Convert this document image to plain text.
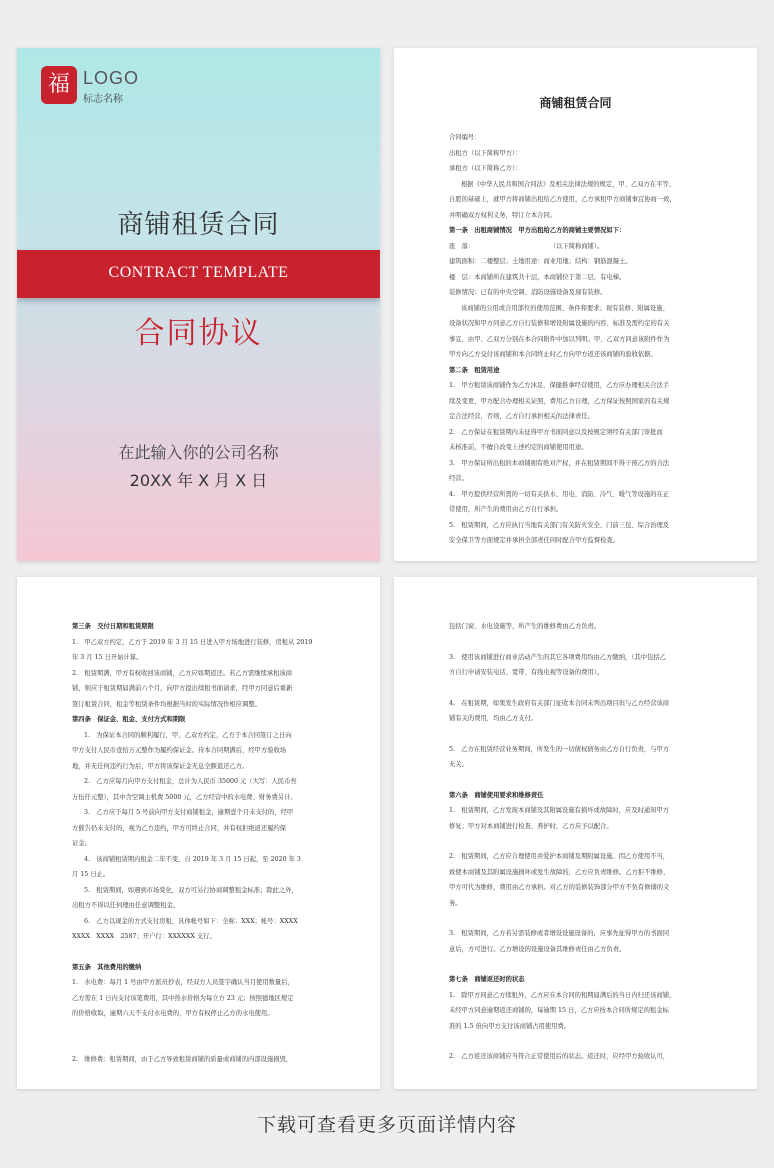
福 LOGO
标志名称
商铺租赁合同
CONTRACT TEMPLATE
合同协议
在此输入你的公司名称
20XX 年 X 月 X 日
商铺租赁合同

合同编号：

出租方（以下简称甲方）：

承租方（以下简称乙方）：

根据《中华人民共和国合同法》及相关法律法规的规定，甲、乙双方在平等、

自愿的基础上，就甲方将商铺出租给乙方使用，乙方承租甲方商铺事宜协商一致，

并明确双方权利义务，特订立本合同。

第一条　出租商铺情况　甲方出租给乙方的商铺主要情况如下：

座　落：　　　　　　　　　　　　　（以下简称商铺）。

建筑面积：二楼整层；土地用途：商业用地；结构：钢筋混凝土。

楼　层：本商铺所在建筑共十层，本商铺位于第二层，有电梯。

装修情况：已有的中央空调、消防设施设备及现有装修。

该商铺的公用或合用部位的使用范围、条件和要求；现有装修、附属设施、

设备状况和甲方同意乙方自行装修和增设附属设施的内容、标准及需约定的有关

事宜，由甲、乙双方分别在本合同附件中加以列明。甲、乙双方同意该附件作为

甲方向乙方交付该商铺和本合同终止时乙方向甲方返还该商铺的验收依据。

第二条　租赁用途

1.　甲方租赁该商铺作为乙方沐足、保健推拿经营使用，乙方应办理相关合法手

续及变更，甲方配合办理相关证照，费用乙方自理，乙方保证按照国家的有关规

定合法经营，否则，乙方自行承担相关的法律责任。

2.　乙方保证在租赁期内未征得甲方书面同意以及按规定须经有关部门审批而

未核准前，不擅自改变上述约定的商铺使用用途。

3.　甲方保证所出租的本商铺拥有绝对产权，并在租赁期间不得干预乙方的合法

经营。

4.　甲方提供经营所需的一切有关供水、用电、消防、冷气、暖气等设施的在正

常使用，所产生的费用由乙方自行承担。

5.　租赁期间，乙方应执行当地有关部门有关防火安全、门前三包、综合治理及

安全保卫等方面规定并承担全部责任同时配合甲方监督检查。

第三条　交付日期和租赁期限

1.　甲乙双方约定，乙方于 2019 年 3 月 15 日进入甲方场地进行装修，房租从 2019

年 3 月 15 日开始计算。

2.　租赁期满，甲方有权收回该商铺，乙方应如期返还。若乙方需继续承租该商

铺，则应于租赁期届满前六个月，向甲方提出续租书面请求，经甲方同意后重新

签订租赁合同，租金等租赁条件均根据当时的实际情况作相应调整。

第四条　保证金、租金、支付方式和期限

1.　为保证本合同的顺利履行，甲、乙双方约定，乙方于本合同签订之日向

甲方支付人民币壹拾万元整作为履约保证金。待本合同期满后，经甲方验收场

地，并无任何违约行为后，甲方将该保证金无息全额退还乙方。

2.　乙方应每月向甲方支付租金，总计为人民币 35000 元（大写：人民币叁

万伍仟元整），其中含空调主机费 5000 元，乙方经营中的水电费、财务费另计。

3.　乙方应于每月 5 号前向甲方支付商铺租金，逾期壹个月未支付的，经甲

方催告仍未支付的，视为乙方违约，甲方可终止合同，并有权拒绝返还履约保

证金。

4.　该商铺租赁期内租金二年不变，自 2019 年 3 月 15 日起，至 2020 年 3

月 15 日止。

5.　租赁期间，如遇到市场变化，双方可另行协商调整租金标准；除此之外，

出租方不得以任何理由任意调整租金。

6.　乙方以现金的方式支付房租，具体帐号如下：全称：XXX；帐号：XXXX

XXXX　XXXX　2587；开户行：XXXXXX 支行。

第五条　其他费用的缴纳

1.　水电费：每月 1 号由甲方派员抄表，经双方人员签字确认当月使用数量后，

乙方需在 1 日内支付该笔费用，其中热水价格为每立方 23 元；按照德地区规定

的价格收取，逾期六天不支付水电费的，甲方有权停止乙方的水电使用。

2.　维修费：租赁期间，由于乙方导致租赁商铺的质量或商铺的内部设施损毁，

包括门窗、水电设施等，所产生的维修费由乙方负责。

3.　使用该商铺进行商业活动产生的其它各项费用均由乙方缴纳，（其中包括乙

方自行申请安装电话、宽带、有线电视等设备的费用）。

4.　在租赁期，如果发生政府有关部门征收本合同未列出项目但与乙方经营该商

铺有关的费用，均由乙方支付。

5.　乙方在租赁经营业务期间，所发生的一切债权债务由乙方自行负责，与甲方

无关。

第六条　商铺使用要求和维修责任

1.　租赁期间，乙方发现本商铺及其附属设施有损坏或故障时，应及时通知甲方

修复；甲方对本商铺进行检查、养护时，乙方应予以配合。

2.　租赁期间，乙方应合理使用并爱护本商铺及期附属设施。因乙方使用不当，

致使本商铺及其附属设施损坏或发生故障的，乙方应负责维修。乙方拒不维修，

甲方可代为维修，费用由乙方承担。对乙方的装修装饰部分甲方不负有修缮的义

务。

3.　租赁期间，乙方若另需装修或者增设设施设备的，应事先征得甲方的书面同

意后，方可进行。乙方增设的设施设备其维修责任由乙方负责。

第七条　商铺返还时的状态

1.　除甲方同意乙方续租外，乙方应在本合同的租期届满后的当日内归还该商铺，

未经甲方同意逾期返还商铺的，每逾期 15 日，乙方应按本合同所规定的租金标

准的 1.5 倍向甲方支付该商铺占用使用费。

2.　乙方返还该商铺应当符合正常使用后的状态。返还时，应经甲方验收认可，

下载可查看更多页面详情内容
